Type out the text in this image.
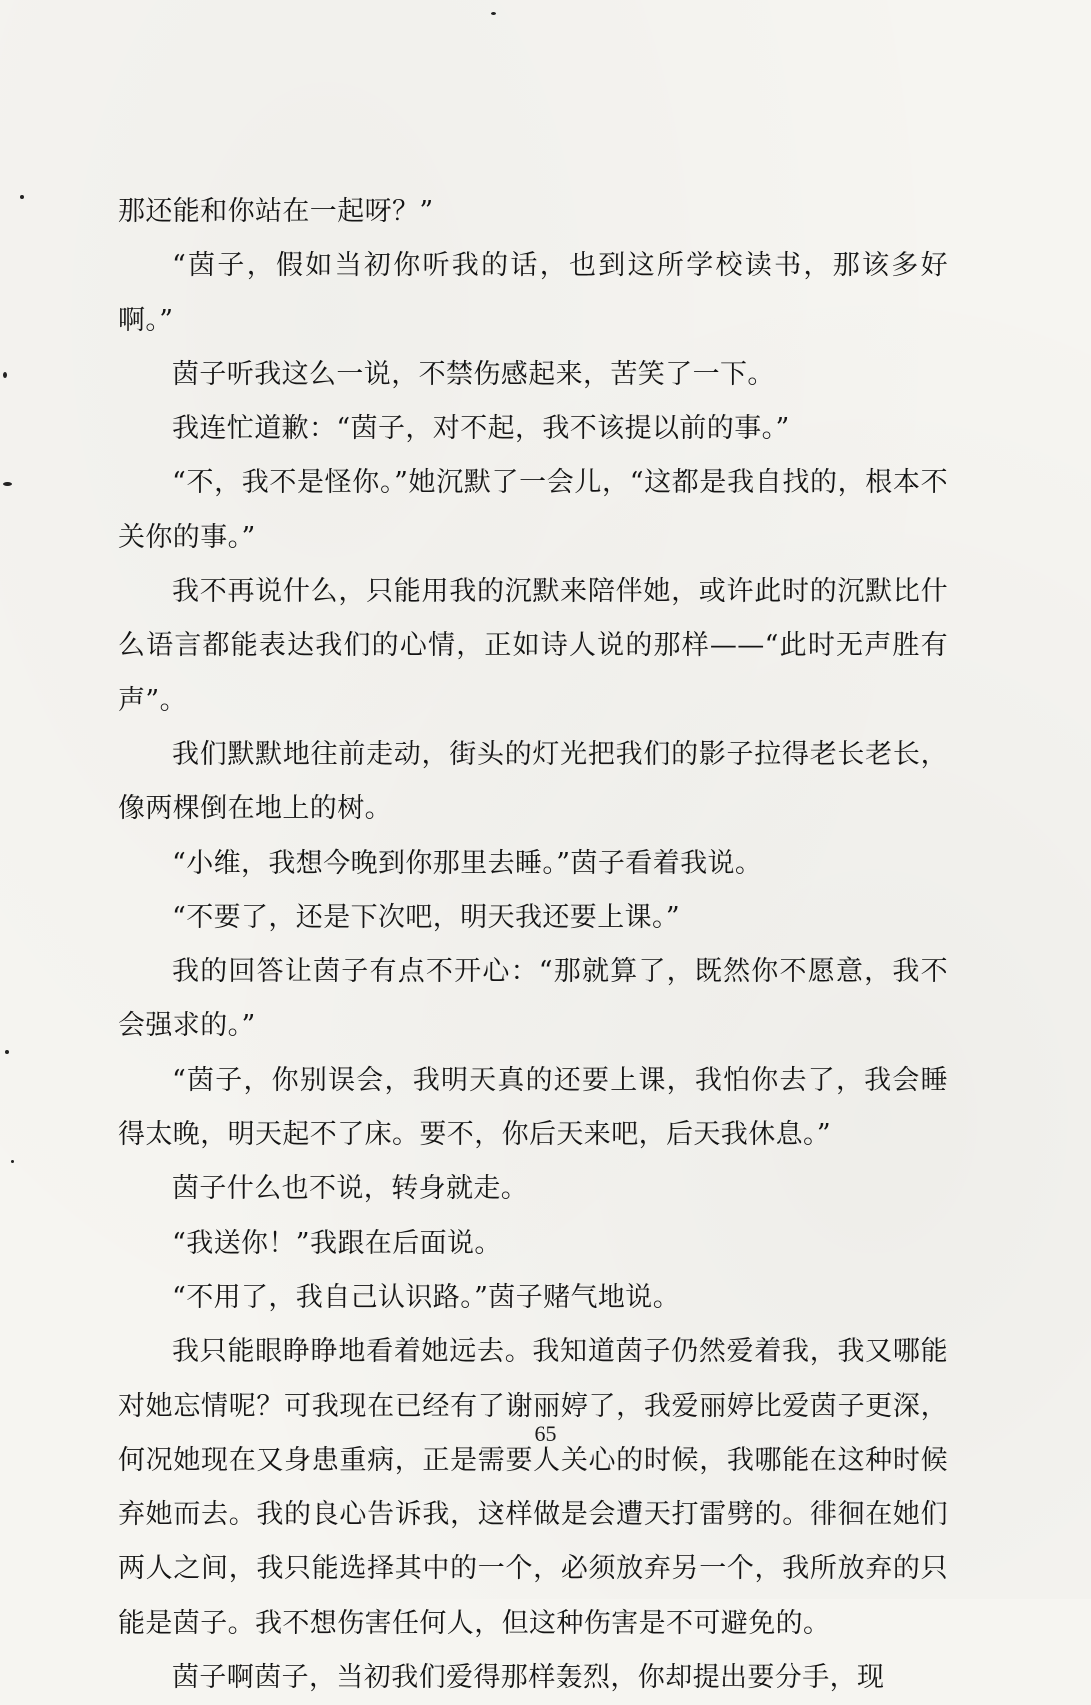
那还能和你站在一起呀？”

“茵子，假如当初你听我的话，也到这所学校读书，那该多好啊。”

茵子听我这么一说，不禁伤感起来，苦笑了一下。

我连忙道歉：“茵子，对不起，我不该提以前的事。”

“不，我不是怪你。”她沉默了一会儿，“这都是我自找的，根本不关你的事。”

我不再说什么，只能用我的沉默来陪伴她，或许此时的沉默比什么语言都能表达我们的心情，正如诗人说的那样——“此时无声胜有声”。

我们默默地往前走动，街头的灯光把我们的影子拉得老长老长，像两棵倒在地上的树。

“小维，我想今晚到你那里去睡。”茵子看着我说。

“不要了，还是下次吧，明天我还要上课。”

我的回答让茵子有点不开心：“那就算了，既然你不愿意，我不会强求的。”

“茵子，你别误会，我明天真的还要上课，我怕你去了，我会睡得太晚，明天起不了床。要不，你后天来吧，后天我休息。”

茵子什么也不说，转身就走。

“我送你！”我跟在后面说。

“不用了，我自己认识路。”茵子赌气地说。

我只能眼睁睁地看着她远去。我知道茵子仍然爱着我，我又哪能对她忘情呢？可我现在已经有了谢丽婷了，我爱丽婷比爱茵子更深，何况她现在又身患重病，正是需要人关心的时候，我哪能在这种时候弃她而去。我的良心告诉我，这样做是会遭天打雷劈的。徘徊在她们两人之间，我只能选择其中的一个，必须放弃另一个，我所放弃的只能是茵子。我不想伤害任何人，但这种伤害是不可避免的。

茵子啊茵子，当初我们爱得那样轰烈，你却提出要分手，现

65
